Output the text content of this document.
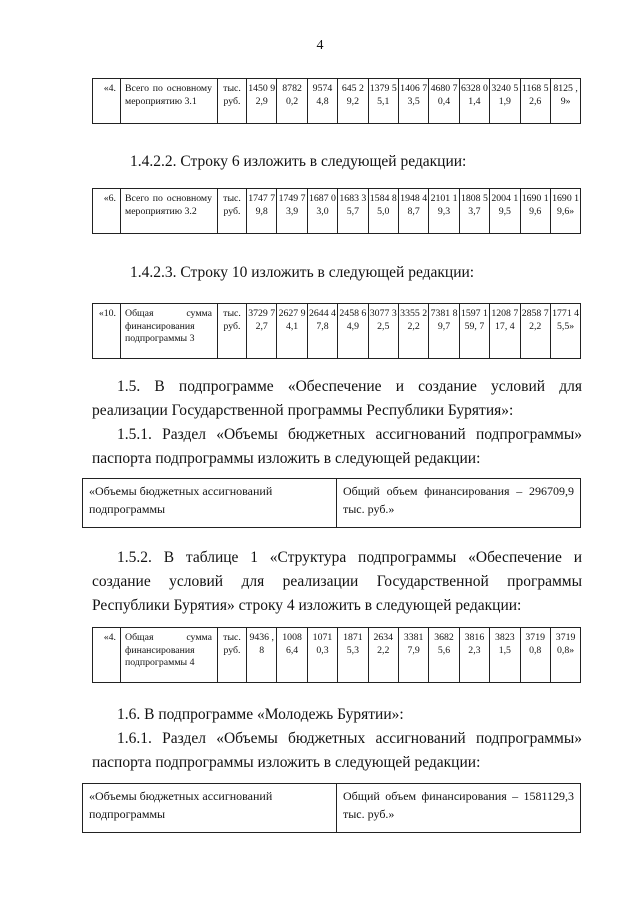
4
«4.	Всего по основному мероприятию 3.1	тыс. руб.	1450 92,9	8782 0,2	9574 4,8	645 29,2	1379 55,1	1406 73,5	4680 70,4	6328 01,4	3240 51,9	1168 52,6	8125 ,9»
1.4.2.2. Строку 6 изложить в следующей редакции:
«6.	Всего по основному мероприятию 3.2	тыс. руб.	1747 79,8	1749 73,9	1687 03,0	1683 35,7	1584 85,0	1948 48,7	2101 19,3	1808 53,7	2004 19,5	1690 19,6	1690 19,6»
1.4.2.3. Строку 10 изложить в следующей редакции:
«10.	Общая сумма финансирования подпрограммы 3	тыс. руб.	3729 72,7	2627 94,1	2644 47,8	2458 64,9	3077 32,5	3355 22,2	7381 89,7	1597 159, 7	1208 717, 4	2858 72,2	1771 45,5»
1.5. В подпрограмме «Обеспечение и создание условий для реализации Государственной программы Республики Бурятия»:
1.5.1. Раздел «Объемы бюджетных ассигнований подпрограммы» паспорта подпрограммы изложить в следующей редакции:
«Объемы бюджетных ассигнований подпрограммы	Общий объем финансирования – 296709,9 тыс. руб.»
1.5.2. В таблице 1 «Структура подпрограммы «Обеспечение и создание условий для реализации Государственной программы Республики Бурятия» строку 4 изложить в следующей редакции:
«4.	Общая сумма финансирования подпрограммы 4	тыс. руб.	9436 ,8	1008 6,4	1071 0,3	1871 5,3	2634 2,2	3381 7,9	3682 5,6	3816 2,3	3823 1,5	3719 0,8	3719 0,8»
1.6. В подпрограмме «Молодежь Бурятии»:
1.6.1. Раздел «Объемы бюджетных ассигнований подпрограммы» паспорта подпрограммы изложить в следующей редакции:
«Объемы бюджетных ассигнований подпрограммы	Общий объем финансирования – 1581129,3 тыс. руб.»
